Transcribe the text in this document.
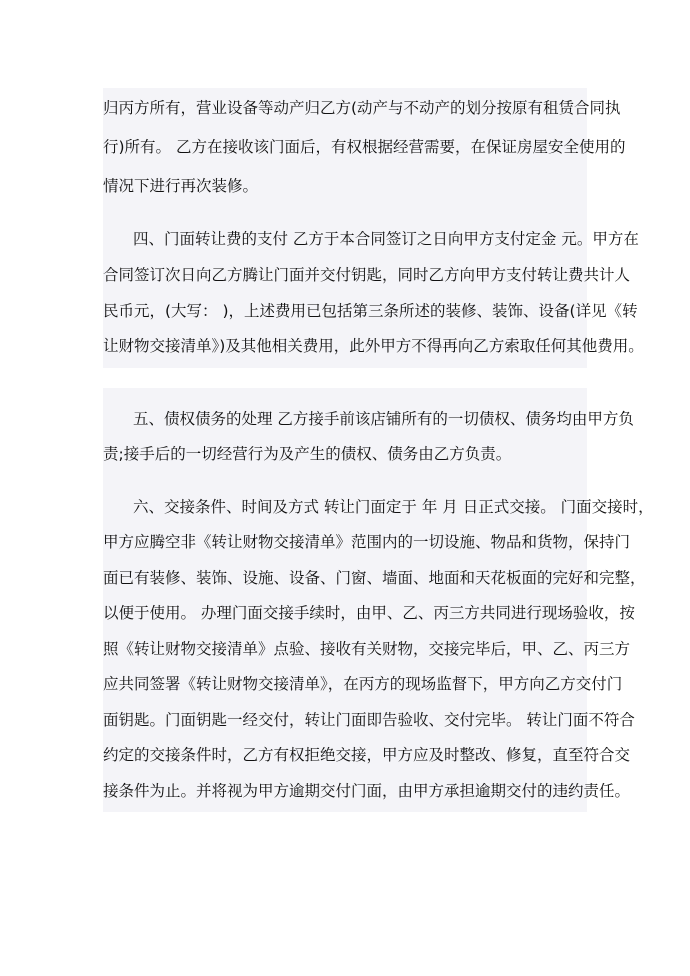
归丙方所有，营业设备等动产归乙方(动产与不动产的划分按原有租赁合同执
行)所有。 乙方在接收该门面后，有权根据经营需要，在保证房屋安全使用的
情况下进行再次装修。
四、门面转让费的支付 乙方于本合同签订之日向甲方支付定金 元。甲方在
合同签订次日向乙方腾让门面并交付钥匙，同时乙方向甲方支付转让费共计人
民币元，(大写： )，上述费用已包括第三条所述的装修、装饰、设备(详见《转
让财物交接清单》)及其他相关费用，此外甲方不得再向乙方索取任何其他费用。
五、债权债务的处理 乙方接手前该店铺所有的一切债权、债务均由甲方负
责;接手后的一切经营行为及产生的债权、债务由乙方负责。
六、交接条件、时间及方式 转让门面定于 年 月 日正式交接。 门面交接时，
甲方应腾空非《转让财物交接清单》范围内的一切设施、物品和货物，保持门
面已有装修、装饰、设施、设备、门窗、墙面、地面和天花板面的完好和完整，
以便于使用。 办理门面交接手续时，由甲、乙、丙三方共同进行现场验收，按
照《转让财物交接清单》点验、接收有关财物，交接完毕后，甲、乙、丙三方
应共同签署《转让财物交接清单》，在丙方的现场监督下，甲方向乙方交付门
面钥匙。门面钥匙一经交付，转让门面即告验收、交付完毕。 转让门面不符合
约定的交接条件时，乙方有权拒绝交接，甲方应及时整改、修复，直至符合交
接条件为止。并将视为甲方逾期交付门面，由甲方承担逾期交付的违约责任。
